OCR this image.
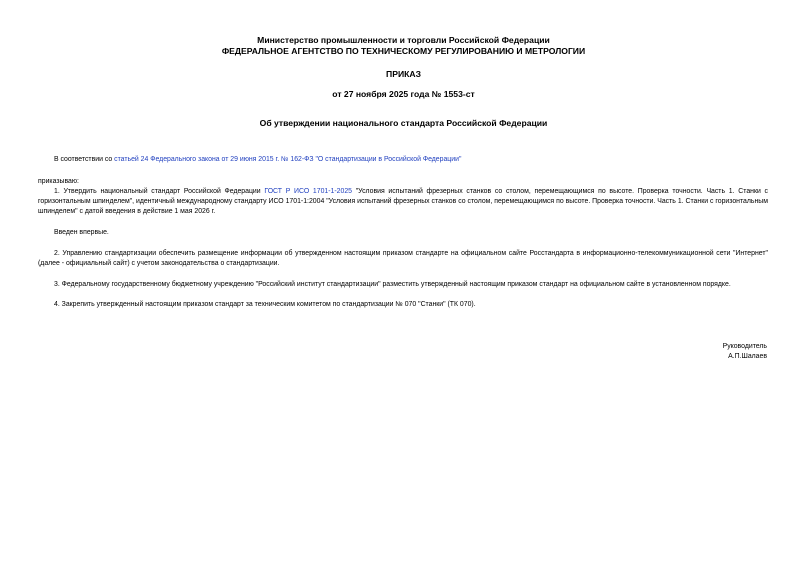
Министерство промышленности и торговли Российской Федерации
ФЕДЕРАЛЬНОЕ АГЕНТСТВО ПО ТЕХНИЧЕСКОМУ РЕГУЛИРОВАНИЮ И МЕТРОЛОГИИ
ПРИКАЗ
от 27 ноября 2025 года № 1553-ст
Об утверждении национального стандарта Российской Федерации
В соответствии со статьей 24 Федерального закона от 29 июня 2015 г. № 162-ФЗ "О стандартизации в Российской Федерации"
приказываю:
1. Утвердить национальный стандарт Российской Федерации ГОСТ Р ИСО 1701-1-2025 "Условия испытаний фрезерных станков со столом, перемещающимся по высоте. Проверка точности. Часть 1. Станки с горизонтальным шпинделем", идентичный международному стандарту ИСО 1701-1:2004 "Условия испытаний фрезерных станков со столом, перемещающимся по высоте. Проверка точности. Часть 1. Станки с горизонтальным шпинделем" с датой введения в действие 1 мая 2026 г.
Введен впервые.
2. Управлению стандартизации обеспечить размещение информации об утвержденном настоящим приказом стандарте на официальном сайте Росстандарта в информационно-телекоммуникационной сети "Интернет" (далее - официальный сайт) с учетом законодательства о стандартизации.
3. Федеральному государственному бюджетному учреждению "Российский институт стандартизации" разместить утвержденный настоящим приказом стандарт на официальном сайте в установленном порядке.
4. Закрепить утвержденный настоящим приказом стандарт за техническим комитетом по стандартизации № 070 "Станки" (ТК 070).
Руководитель
А.П.Шалаев
